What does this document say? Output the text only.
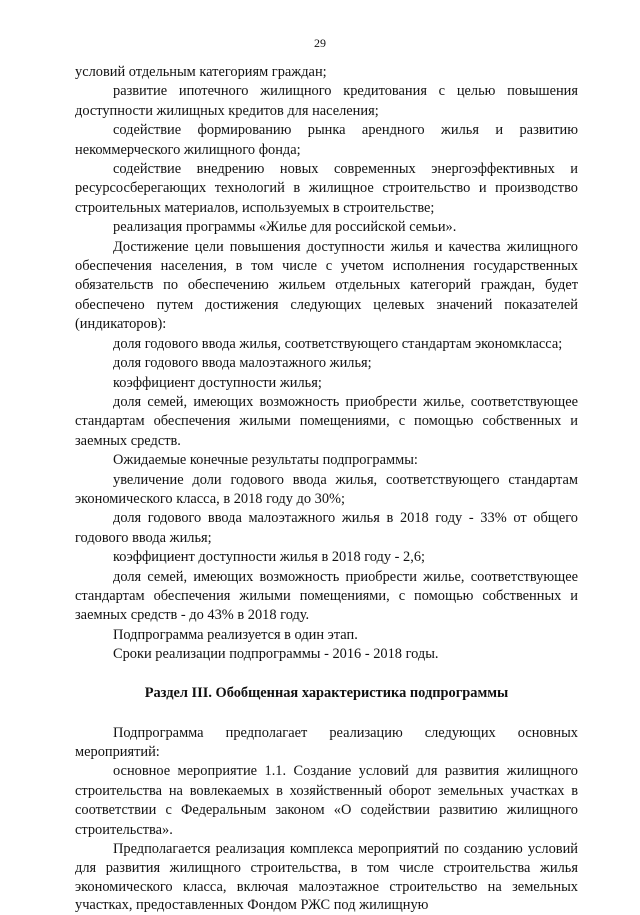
29

условий отдельным категориям граждан;

развитие ипотечного жилищного кредитования с целью повышения доступности жилищных кредитов для населения;

содействие формированию рынка арендного жилья и развитию некоммерческого жилищного фонда;

содействие внедрению новых современных энергоэффективных и ресурсосберегающих технологий в жилищное строительство и производство строительных материалов, используемых в строительстве;

реализация программы «Жилье для российской семьи».

Достижение цели повышения доступности жилья и качества жилищного обеспечения населения, в том числе с учетом исполнения государственных обязательств по обеспечению жильем отдельных категорий граждан, будет обеспечено путем достижения следующих целевых значений показателей (индикаторов):

доля годового ввода жилья, соответствующего стандартам экономкласса;

доля годового ввода малоэтажного жилья;

коэффициент доступности жилья;

доля семей, имеющих возможность приобрести жилье, соответствующее стандартам обеспечения жилыми помещениями, с помощью собственных и заемных средств.

Ожидаемые конечные результаты подпрограммы:

увеличение доли годового ввода жилья, соответствующего стандартам экономического класса, в 2018 году до 30%;

доля годового ввода малоэтажного жилья в 2018 году - 33% от общего годового ввода жилья;

коэффициент доступности жилья в 2018 году - 2,6;

доля семей, имеющих возможность приобрести жилье, соответствующее стандартам обеспечения жилыми помещениями, с помощью собственных и заемных средств - до 43% в 2018 году.

Подпрограмма реализуется в один этап.

Сроки реализации подпрограммы - 2016 - 2018 годы.

Раздел III. Обобщенная характеристика подпрограммы

Подпрограмма предполагает реализацию следующих основных мероприятий:

основное мероприятие 1.1. Создание условий для развития жилищного строительства на вовлекаемых в хозяйственный оборот земельных участках в соответствии с Федеральным законом «О содействии развитию жилищного строительства».

Предполагается реализация комплекса мероприятий по созданию условий для развития жилищного строительства, в том числе строительства жилья экономического класса, включая малоэтажное строительство на земельных участках, предоставленных Фондом РЖС под жилищную
